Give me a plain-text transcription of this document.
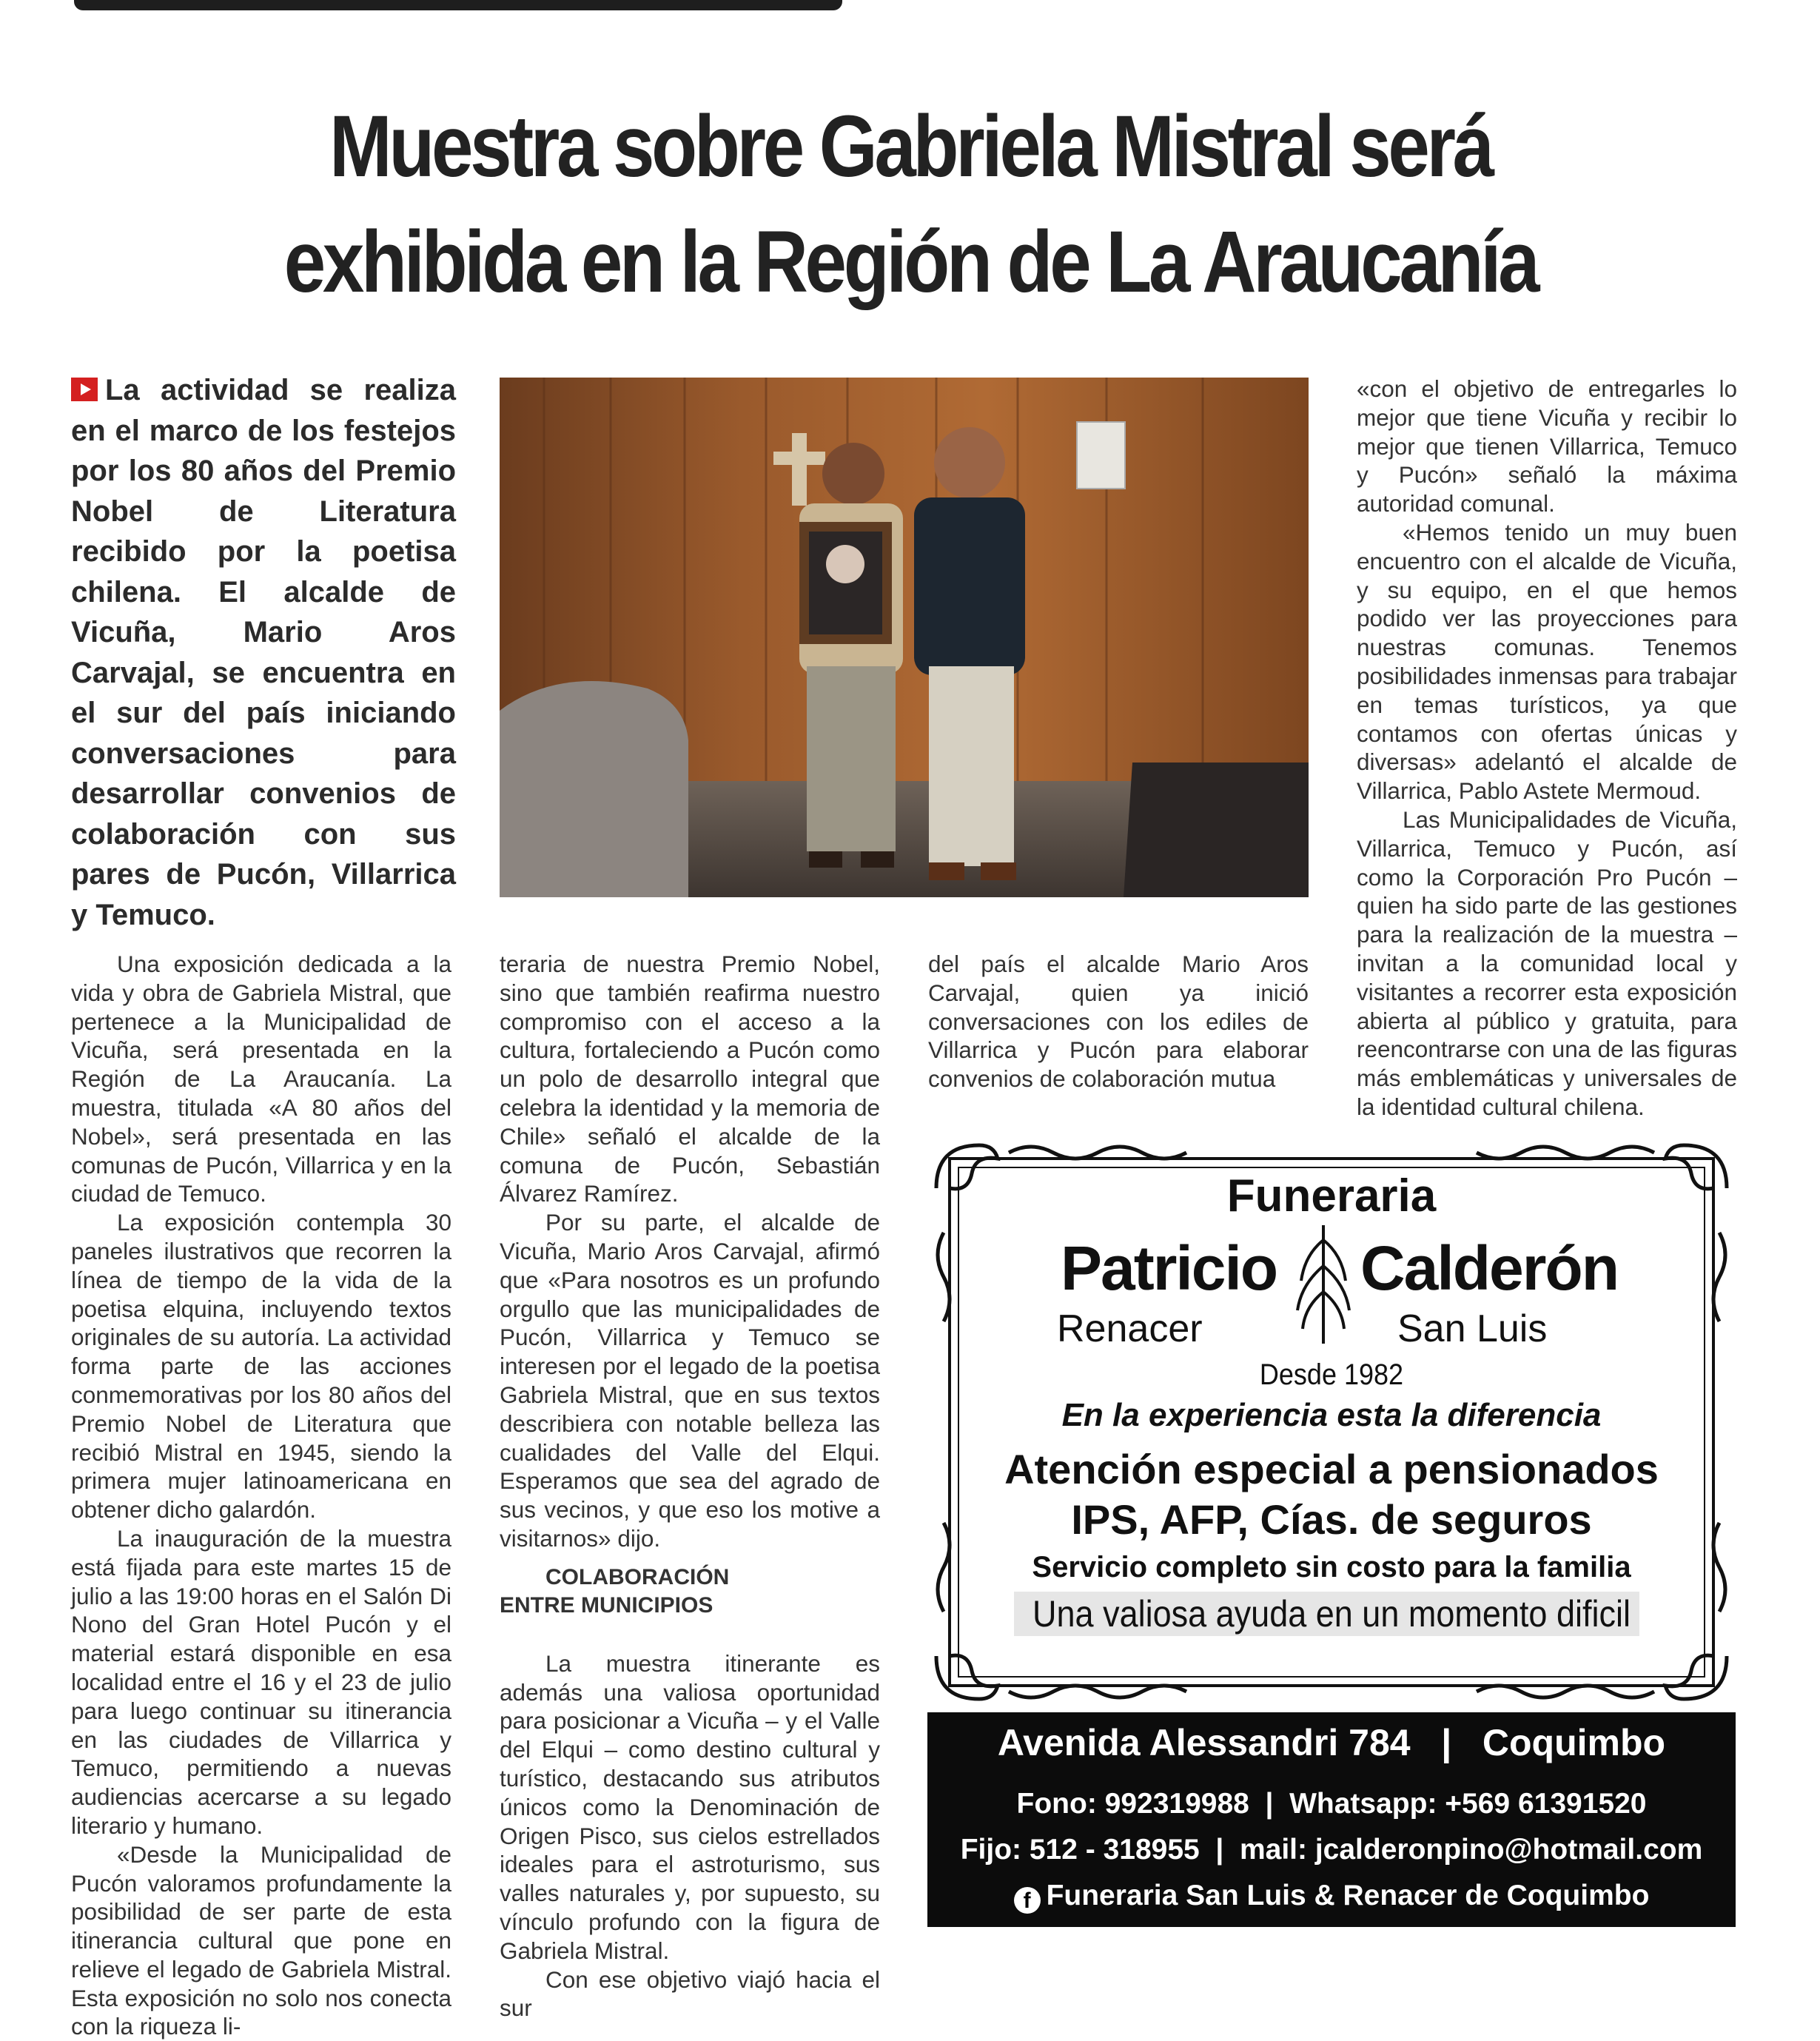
Muestra sobre Gabriela Mistral será
exhibida en la Región de La Araucanía
La actividad se realiza en el marco de los festejos por los 80 años del Premio Nobel de Literatura recibido por la poetisa chilena. El alcalde de Vicuña, Mario Aros Carvajal, se encuentra en el sur del país iniciando conversaciones para desarrollar convenios de colaboración con sus pares de Pucón, Villarrica y Temuco.

Una exposición dedicada a la vida y obra de Gabriela Mistral, que pertenece a la Municipalidad de Vicuña, será presentada en la Región de La Araucanía. La muestra, titulada «A 80 años del Nobel», será presentada en las comunas de Pucón, Villarrica y en la ciudad de Temuco.

La exposición contempla 30 paneles ilustrativos que recorren la línea de tiempo de la vida de la poetisa elquina, incluyendo textos originales de su autoría. La actividad forma parte de las acciones conmemorativas por los 80 años del Premio Nobel de Literatura que recibió Mistral en 1945, siendo la primera mujer latinoamericana en obtener dicho galardón.

La inauguración de la muestra está fijada para este martes 15 de julio a las 19:00 horas en el Salón Di Nono del Gran Hotel Pucón y el material estará disponible en esa localidad entre el 16 y el 23 de julio para luego continuar su itinerancia en las ciudades de Villarrica y Temuco, permitiendo a nuevas audiencias acercarse a su legado literario y humano.

«Desde la Municipalidad de Pucón valoramos profundamente la posibilidad de ser parte de esta itinerancia cultural que pone en relieve el legado de Gabriela Mistral. Esta exposición no solo nos conecta con la riqueza li-

teraria de nuestra Premio Nobel, sino que también reafirma nuestro compromiso con el acceso a la cultura, fortaleciendo a Pucón como un polo de desarrollo integral que celebra la identidad y la memoria de Chile» señaló el alcalde de la comuna de Pucón, Sebastián Álvarez Ramírez.

Por su parte, el alcalde de Vicuña, Mario Aros Carvajal, afirmó que «Para nosotros es un profundo orgullo que las municipalidades de Pucón, Villarrica y Temuco se interesen por el legado de la poetisa Gabriela Mistral, que en sus textos describiera con notable belleza las cualidades del Valle del Elqui. Esperamos que sea del agrado de sus vecinos, y que eso los motive a visitarnos» dijo.

COLABORACIÓN
ENTRE MUNICIPIOS

La muestra itinerante es además una valiosa oportunidad para posicionar a Vicuña – y el Valle del Elqui – como destino cultural y turístico, destacando sus atributos únicos como la Denominación de Origen Pisco, sus cielos estrellados ideales para el astroturismo, sus valles naturales y, por supuesto, su vínculo profundo con la figura de Gabriela Mistral.

Con ese objetivo viajó hacia el sur

del país el alcalde Mario Aros Carvajal, quien ya inició conversaciones con los ediles de Villarrica y Pucón para elaborar convenios de colaboración mutua

«con el objetivo de entregarles lo mejor que tiene Vicuña y recibir lo mejor que tienen Villarrica, Temuco y Pucón» señaló la máxima autoridad comunal.

«Hemos tenido un muy buen encuentro con el alcalde de Vicuña, y su equipo, en el que hemos podido ver las proyecciones para nuestras comunas. Tenemos posibilidades inmensas para trabajar en temas turísticos, ya que contamos con ofertas únicas y diversas» adelantó el alcalde de Villarrica, Pablo Astete Mermoud.

Las Municipalidades de Vicuña, Villarrica, Temuco y Pucón, así como la Corporación Pro Pucón – quien ha sido parte de las gestiones para la realización de la muestra – invitan a la comunidad local y visitantes a recorrer esta exposición abierta al público y gratuita, para reencontrarse con una de las figuras más emblemáticas y universales de la identidad cultural chilena.

Funeraria
Patricio	Calderón
Renacer	San Luis
Desde 1982
En la experiencia esta la diferencia
Atención especial a pensionados
IPS, AFP, Cías. de seguros
Servicio completo sin costo para la familia
Una valiosa ayuda en un momento dificil
Avenida Alessandri 784   |   Coquimbo
Fono: 992319988  |  Whatsapp: +569 61391520
Fijo: 512 - 318955  |  mail: jcalderonpino@hotmail.com
f Funeraria San Luis & Renacer de Coquimbo
